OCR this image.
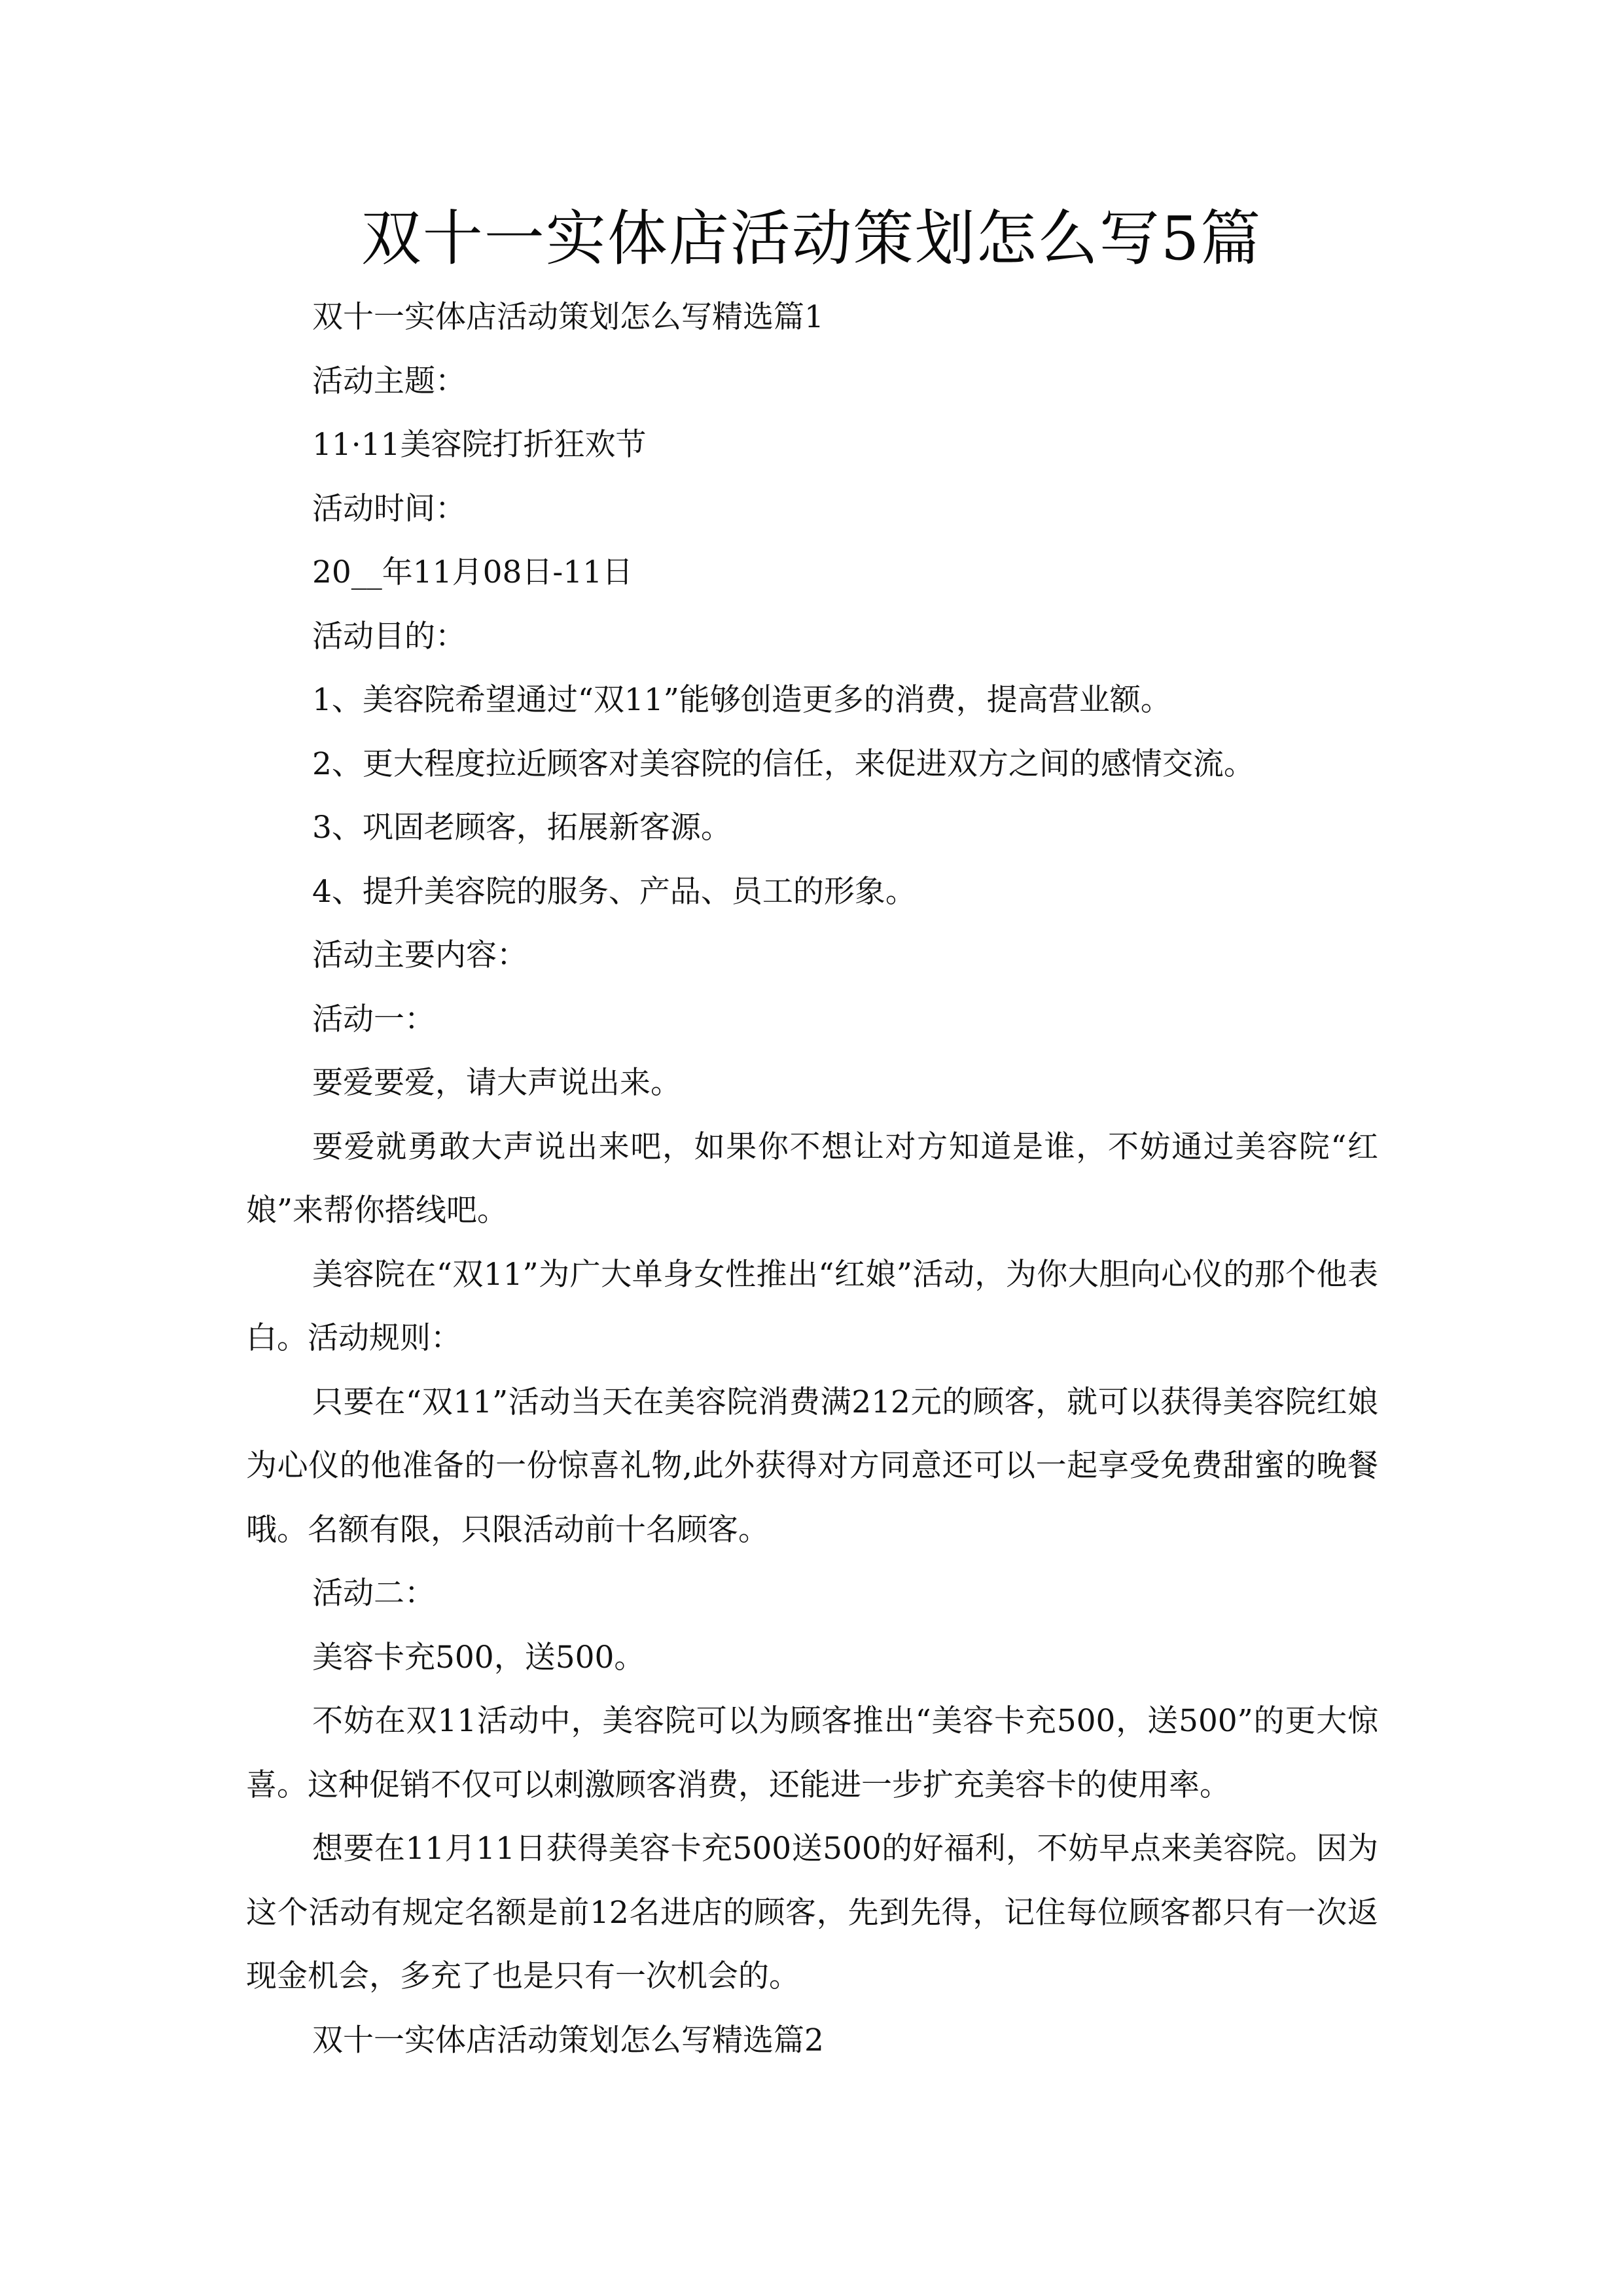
双十一实体店活动策划怎么写5篇

双十一实体店活动策划怎么写精选篇1

活动主题：

11·11美容院打折狂欢节

活动时间：

20__年11月08日-11日

活动目的：

1、美容院希望通过“双11”能够创造更多的消费，提高营业额。

2、更大程度拉近顾客对美容院的信任，来促进双方之间的感情交流。

3、巩固老顾客，拓展新客源。

4、提升美容院的服务、产品、员工的形象。

活动主要内容：

活动一：

要爱要爱，请大声说出来。

要爱就勇敢大声说出来吧，如果你不想让对方知道是谁，不妨通过美容院“红娘”来帮你搭线吧。

美容院在“双11”为广大单身女性推出“红娘”活动，为你大胆向心仪的那个他表白。活动规则：

只要在“双11”活动当天在美容院消费满212元的顾客，就可以获得美容院红娘为心仪的他准备的一份惊喜礼物,此外获得对方同意还可以一起享受免费甜蜜的晚餐哦。名额有限，只限活动前十名顾客。

活动二：

美容卡充500，送500。

不妨在双11活动中，美容院可以为顾客推出“美容卡充500，送500”的更大惊喜。这种促销不仅可以刺激顾客消费，还能进一步扩充美容卡的使用率。

想要在11月11日获得美容卡充500送500的好福利，不妨早点来美容院。因为这个活动有规定名额是前12名进店的顾客，先到先得，记住每位顾客都只有一次返现金机会，多充了也是只有一次机会的。

双十一实体店活动策划怎么写精选篇2
